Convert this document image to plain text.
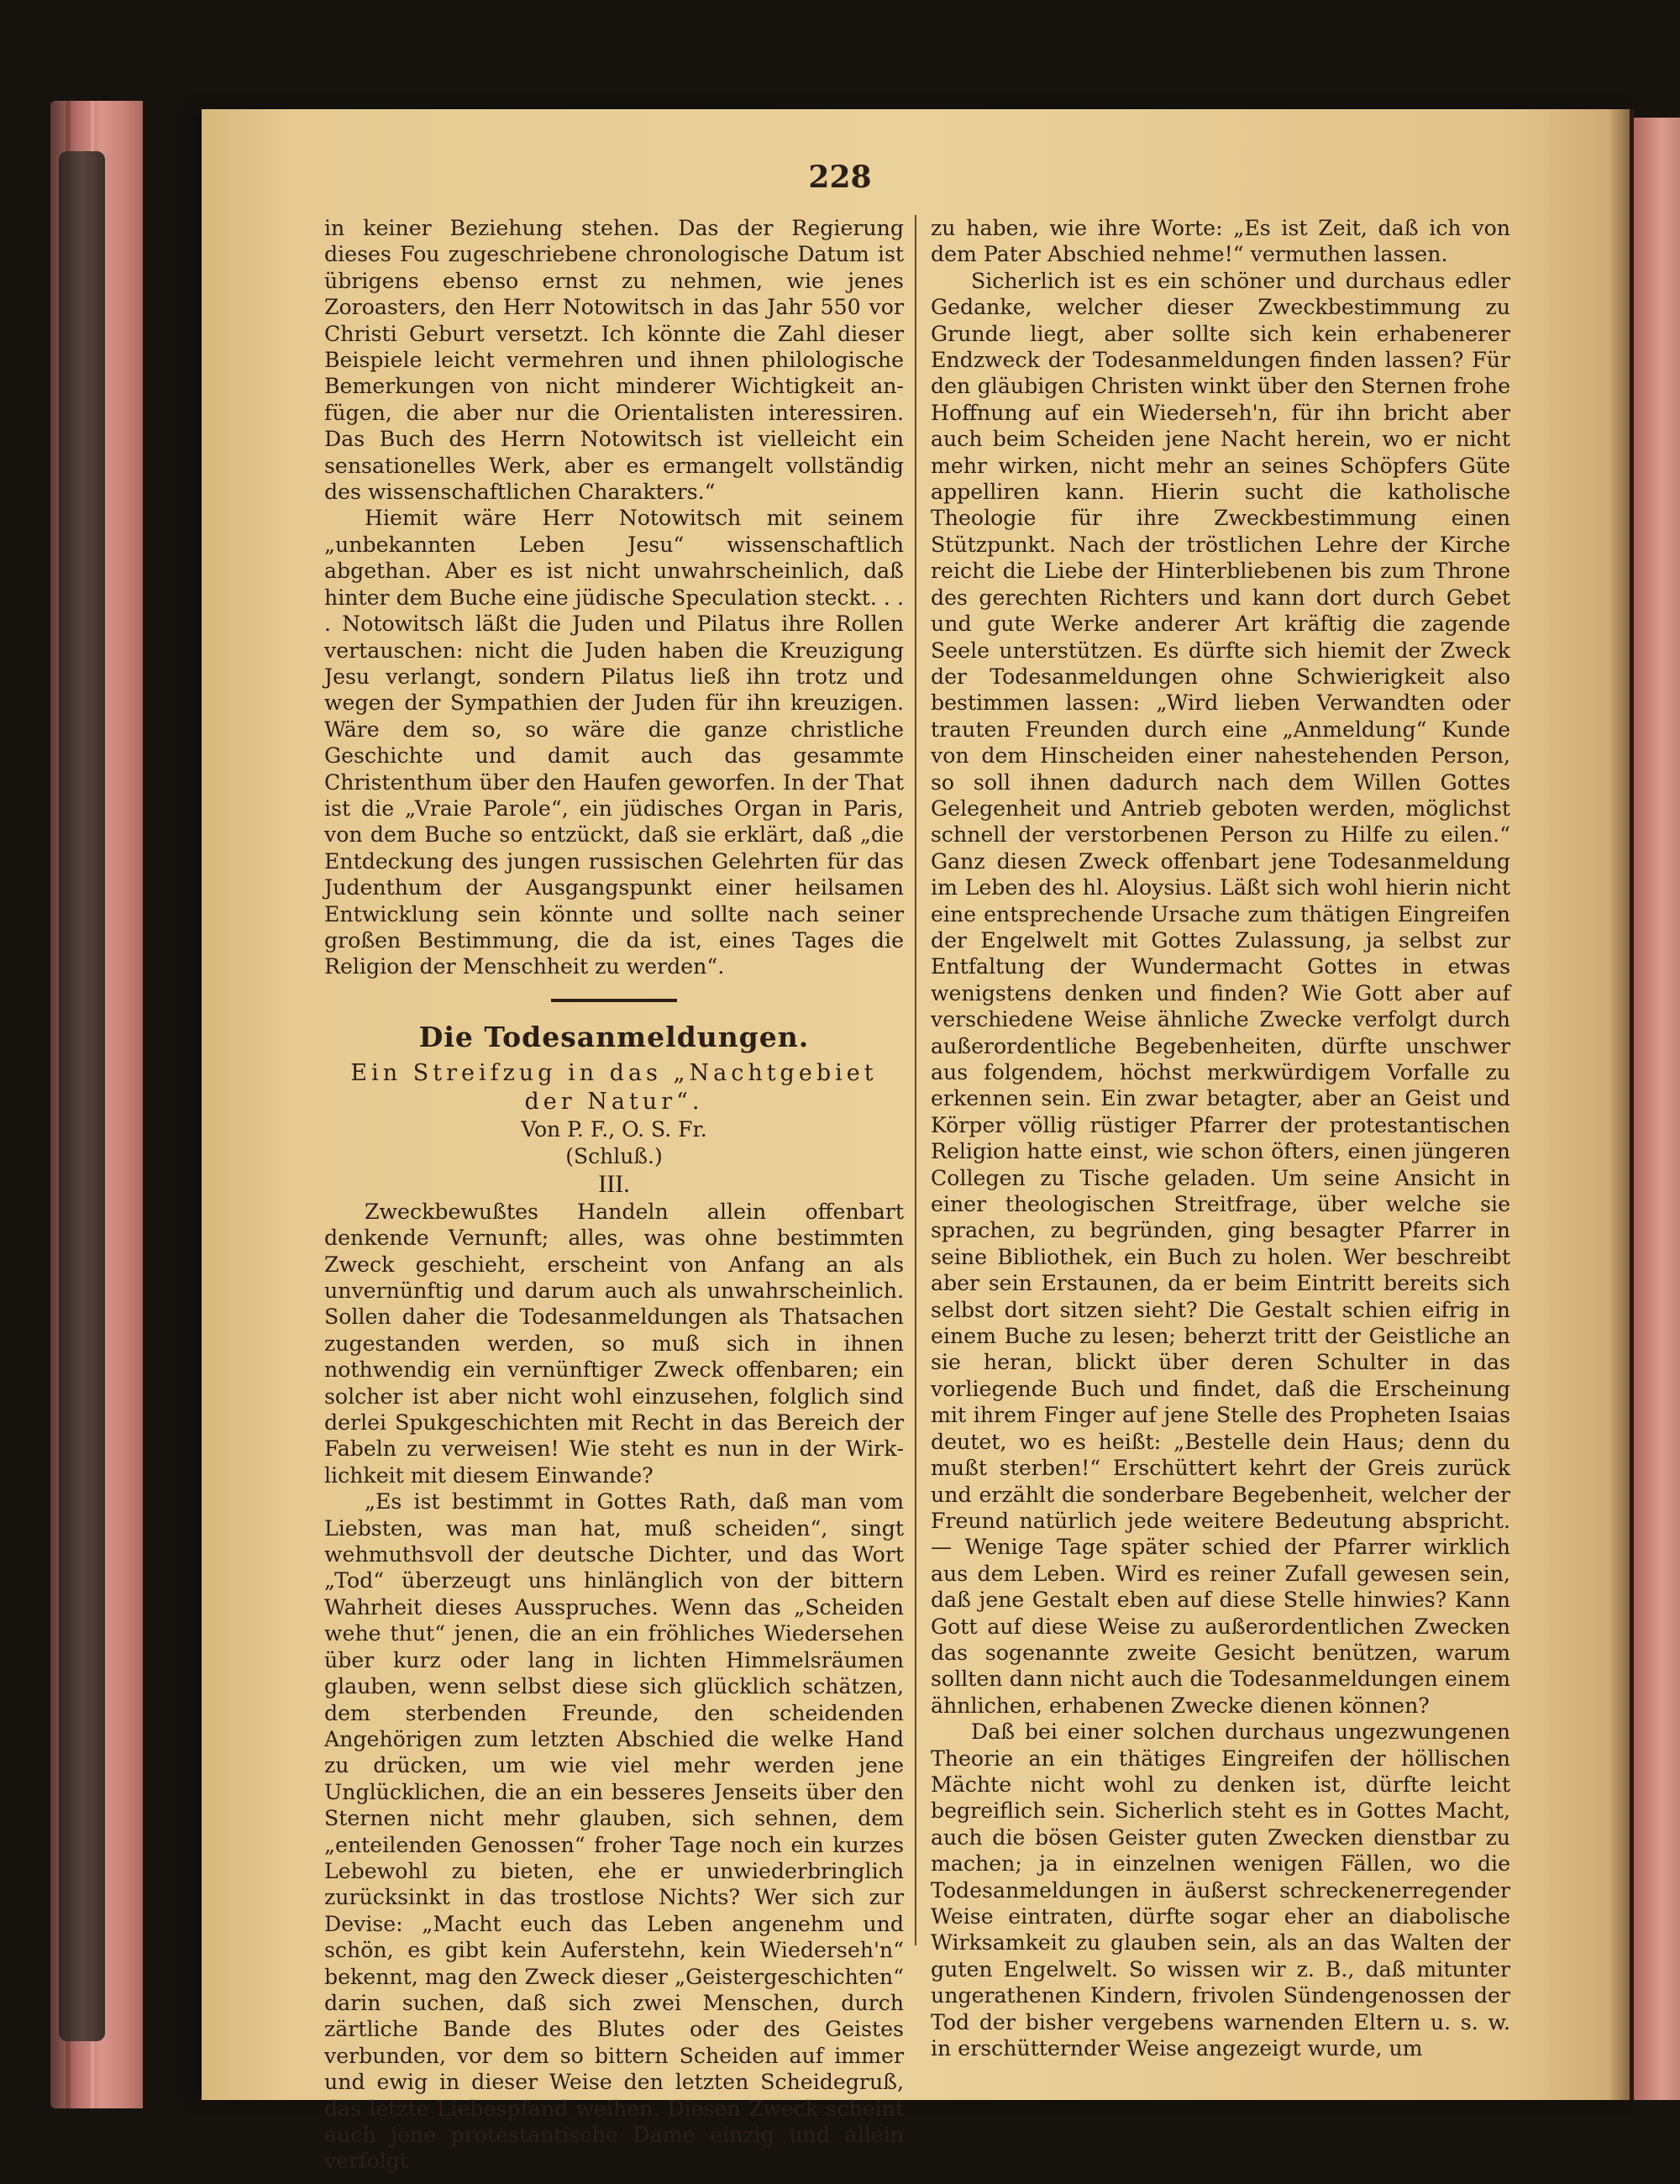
228

in keiner Beziehung stehen. Das der Regierung dieses Fou zugeschriebene chronologische Datum ist übrigens ebenso ernst zu nehmen, wie jenes Zoroasters, den Herr Notowitsch in das Jahr 550 vor Christi Geburt versetzt. Ich könnte die Zahl dieser Beispiele leicht vermehren und ihnen philologische Bemerkungen von nicht minderer Wichtigkeit anfügen, die aber nur die Orientalisten interessiren. Das Buch des Herrn Notowitsch ist vielleicht ein sensationelles Werk, aber es ermangelt vollständig des wissenschaftlichen Charakters.“

Hiemit wäre Herr Notowitsch mit seinem „unbekannten Leben Jesu“ wissenschaftlich abgethan. Aber es ist nicht unwahrscheinlich, daß hinter dem Buche eine jüdische Speculation steckt. . . . Notowitsch läßt die Juden und Pilatus ihre Rollen vertauschen: nicht die Juden haben die Kreuzigung Jesu verlangt, sondern Pilatus ließ ihn trotz und wegen der Sympathien der Juden für ihn kreuzigen. Wäre dem so, so wäre die ganze christliche Geschichte und damit auch das gesammte Christenthum über den Haufen geworfen. In der That ist die „Vraie Parole“, ein jüdisches Organ in Paris, von dem Buche so entzückt, daß sie erklärt, daß „die Entdeckung des jungen russischen Gelehrten für das Judenthum der Ausgangspunkt einer heilsamen Entwicklung sein könnte und sollte nach seiner großen Bestimmung, die da ist, eines Tages die Religion der Menschheit zu werden“.

Die Todesanmeldungen.
Ein Streifzug in das „Nachtgebiet der Natur“.
Von P. F., O. S. Fr.
(Schluß.)
III.

Zweckbewußtes Handeln allein offenbart denkende Vernunft; alles, was ohne bestimmten Zweck geschieht, erscheint von Anfang an als unvernünftig und darum auch als unwahrscheinlich. Sollen daher die Todesanmeldungen als Thatsachen zugestanden werden, so muß sich in ihnen nothwendig ein vernünftiger Zweck offenbaren; ein solcher ist aber nicht wohl einzusehen, folglich sind derlei Spukgeschichten mit Recht in das Bereich der Fabeln zu verweisen! Wie steht es nun in der Wirklichkeit mit diesem Einwande?

„Es ist bestimmt in Gottes Rath, daß man vom Liebsten, was man hat, muß scheiden“, singt wehmuthsvoll der deutsche Dichter, und das Wort „Tod“ überzeugt uns hinlänglich von der bittern Wahrheit dieses Ausspruches. Wenn das „Scheiden wehe thut“ jenen, die an ein fröhliches Wiedersehen über kurz oder lang in lichten Himmelsräumen glauben, wenn selbst diese sich glücklich schätzen, dem sterbenden Freunde, den scheidenden Angehörigen zum letzten Abschied die welke Hand zu drücken, um wie viel mehr werden jene Unglücklichen, die an ein besseres Jenseits über den Sternen nicht mehr glauben, sich sehnen, dem „enteilenden Genossen“ froher Tage noch ein kurzes Lebewohl zu bieten, ehe er unwiederbringlich zurücksinkt in das trostlose Nichts? Wer sich zur Devise: „Macht euch das Leben angenehm und schön, es gibt kein Auferstehn, kein Wiederseh'n“ bekennt, mag den Zweck dieser „Geistergeschichten“ darin suchen, daß sich zwei Menschen, durch zärtliche Bande des Blutes oder des Geistes verbunden, vor dem so bittern Scheiden auf immer und ewig in dieser Weise den letzten Scheidegruß, das letzte Liebespfand weihen. Diesen Zweck scheint auch jene protestantische Dame einzig und allein verfolgt

zu haben, wie ihre Worte: „Es ist Zeit, daß ich von dem Pater Abschied nehme!“ vermuthen lassen.

Sicherlich ist es ein schöner und durchaus edler Gedanke, welcher dieser Zweckbestimmung zu Grunde liegt, aber sollte sich kein erhabenerer Endzweck der Todesanmeldungen finden lassen? Für den gläubigen Christen winkt über den Sternen frohe Hoffnung auf ein Wiederseh'n, für ihn bricht aber auch beim Scheiden jene Nacht herein, wo er nicht mehr wirken, nicht mehr an seines Schöpfers Güte appelliren kann. Hierin sucht die katholische Theologie für ihre Zweckbestimmung einen Stützpunkt. Nach der tröstlichen Lehre der Kirche reicht die Liebe der Hinterbliebenen bis zum Throne des gerechten Richters und kann dort durch Gebet und gute Werke anderer Art kräftig die zagende Seele unterstützen. Es dürfte sich hiemit der Zweck der Todesanmeldungen ohne Schwierigkeit also bestimmen lassen: „Wird lieben Verwandten oder trauten Freunden durch eine „Anmeldung“ Kunde von dem Hinscheiden einer nahestehenden Person, so soll ihnen dadurch nach dem Willen Gottes Gelegenheit und Antrieb geboten werden, möglichst schnell der verstorbenen Person zu Hilfe zu eilen.“ Ganz diesen Zweck offenbart jene Todesanmeldung im Leben des hl. Aloysius. Läßt sich wohl hierin nicht eine entsprechende Ursache zum thätigen Eingreifen der Engelwelt mit Gottes Zulassung, ja selbst zur Entfaltung der Wundermacht Gottes in etwas wenigstens denken und finden? Wie Gott aber auf verschiedene Weise ähnliche Zwecke verfolgt durch außerordentliche Begebenheiten, dürfte unschwer aus folgendem, höchst merkwürdigem Vorfalle zu erkennen sein. Ein zwar betagter, aber an Geist und Körper völlig rüstiger Pfarrer der protestantischen Religion hatte einst, wie schon öfters, einen jüngeren Collegen zu Tische geladen. Um seine Ansicht in einer theologischen Streitfrage, über welche sie sprachen, zu begründen, ging besagter Pfarrer in seine Bibliothek, ein Buch zu holen. Wer beschreibt aber sein Erstaunen, da er beim Eintritt bereits sich selbst dort sitzen sieht? Die Gestalt schien eifrig in einem Buche zu lesen; beherzt tritt der Geistliche an sie heran, blickt über deren Schulter in das vorliegende Buch und findet, daß die Erscheinung mit ihrem Finger auf jene Stelle des Propheten Isaias deutet, wo es heißt: „Bestelle dein Haus; denn du mußt sterben!“ Erschüttert kehrt der Greis zurück und erzählt die sonderbare Begebenheit, welcher der Freund natürlich jede weitere Bedeutung abspricht. — Wenige Tage später schied der Pfarrer wirklich aus dem Leben. Wird es reiner Zufall gewesen sein, daß jene Gestalt eben auf diese Stelle hinwies? Kann Gott auf diese Weise zu außerordentlichen Zwecken das sogenannte zweite Gesicht benützen, warum sollten dann nicht auch die Todesanmeldungen einem ähnlichen, erhabenen Zwecke dienen können?

Daß bei einer solchen durchaus ungezwungenen Theorie an ein thätiges Eingreifen der höllischen Mächte nicht wohl zu denken ist, dürfte leicht begreiflich sein. Sicherlich steht es in Gottes Macht, auch die bösen Geister guten Zwecken dienstbar zu machen; ja in einzelnen wenigen Fällen, wo die Todesanmeldungen in äußerst schreckenerregender Weise eintraten, dürfte sogar eher an diabolische Wirksamkeit zu glauben sein, als an das Walten der guten Engelwelt. So wissen wir z. B., daß mitunter ungerathenen Kindern, frivolen Sündengenossen der Tod der bisher vergebens warnenden Eltern u. s. w. in erschütternder Weise angezeigt wurde, um
